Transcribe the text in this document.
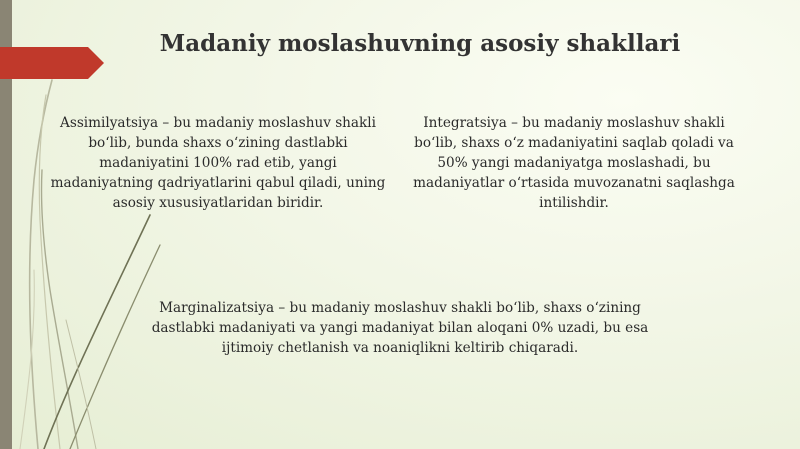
Madaniy moslashuvning asosiy shakllari
Assimilyatsiya – bu madaniy moslashuv shakli bo‘lib, bunda shaxs o‘zining dastlabki madaniyatini 100% rad etib, yangi madaniyatning qadriyatlarini qabul qiladi, uning asosiy xususiyatlaridan biridir.
Integratsiya – bu madaniy moslashuv shakli bo‘lib, shaxs o‘z madaniyatini saqlab qoladi va 50% yangi madaniyatga moslashadi, bu madaniyatlar o‘rtasida muvozanatni saqlashga intilishdir.
Marginalizatsiya – bu madaniy moslashuv shakli bo‘lib, shaxs o‘zining dastlabki madaniyati va yangi madaniyat bilan aloqani 0% uzadi, bu esa ijtimoiy chetlanish va noaniqlikni keltirib chiqaradi.
